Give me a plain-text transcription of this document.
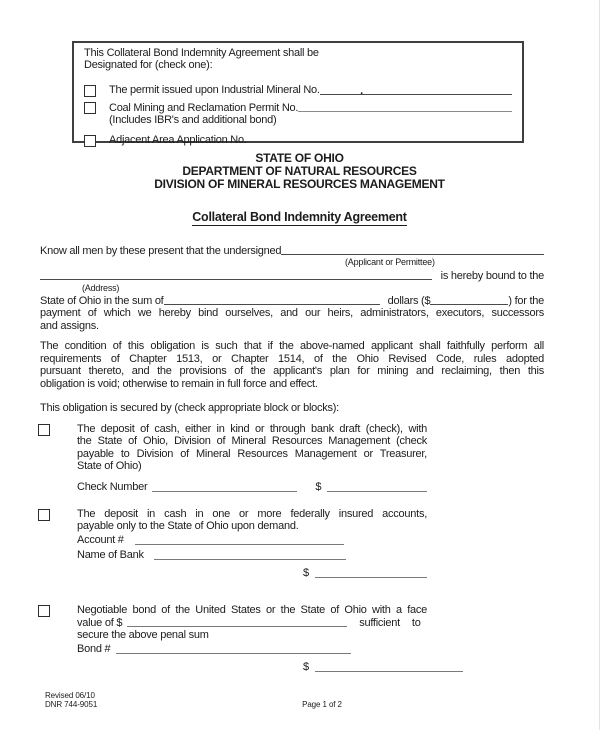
This Collateral Bond Indemnity Agreement shall be
Designated for (check one):
The permit issued upon Industrial Mineral No.	.
Coal Mining and Reclamation Permit No.
(Includes IBR's and additional bond)
Adjacent Area Application No.
STATE OF OHIO
DEPARTMENT OF NATURAL RESOURCES
DIVISION OF MINERAL RESOURCES MANAGEMENT
Collateral Bond Indemnity Agreement
Know all men by these present that the undersigned
(Applicant or Permittee)
is hereby bound to the
(Address)
State of Ohio in the sum of	dollars ($	) for the
payment of which we hereby bind ourselves, and our heirs, administrators, executors, successors
and assigns.
The condition of this obligation is such that if the above-named applicant shall faithfully perform all
requirements of Chapter 1513, or Chapter 1514, of the Ohio Revised Code, rules adopted
pursuant thereto, and the provisions of the applicant's plan for mining and reclaiming, then this
obligation is void; otherwise to remain in full force and effect.
This obligation is secured by (check appropriate block or blocks):
The deposit of cash, either in kind or through bank draft (check), with
the State of Ohio, Division of Mineral Resources Management (check
payable to Division of Mineral Resources Management or Treasurer,
State of Ohio)
Check Number	$
The deposit in cash in one or more federally insured accounts,
payable only to the State of Ohio upon demand.
Account #
Name of Bank
$
Negotiable bond of the United States or the State of Ohio with a face
value of $	sufficient to
secure the above penal sum
Bond #
$
Revised 06/10
DNR 744-9051	Page 1 of 2
